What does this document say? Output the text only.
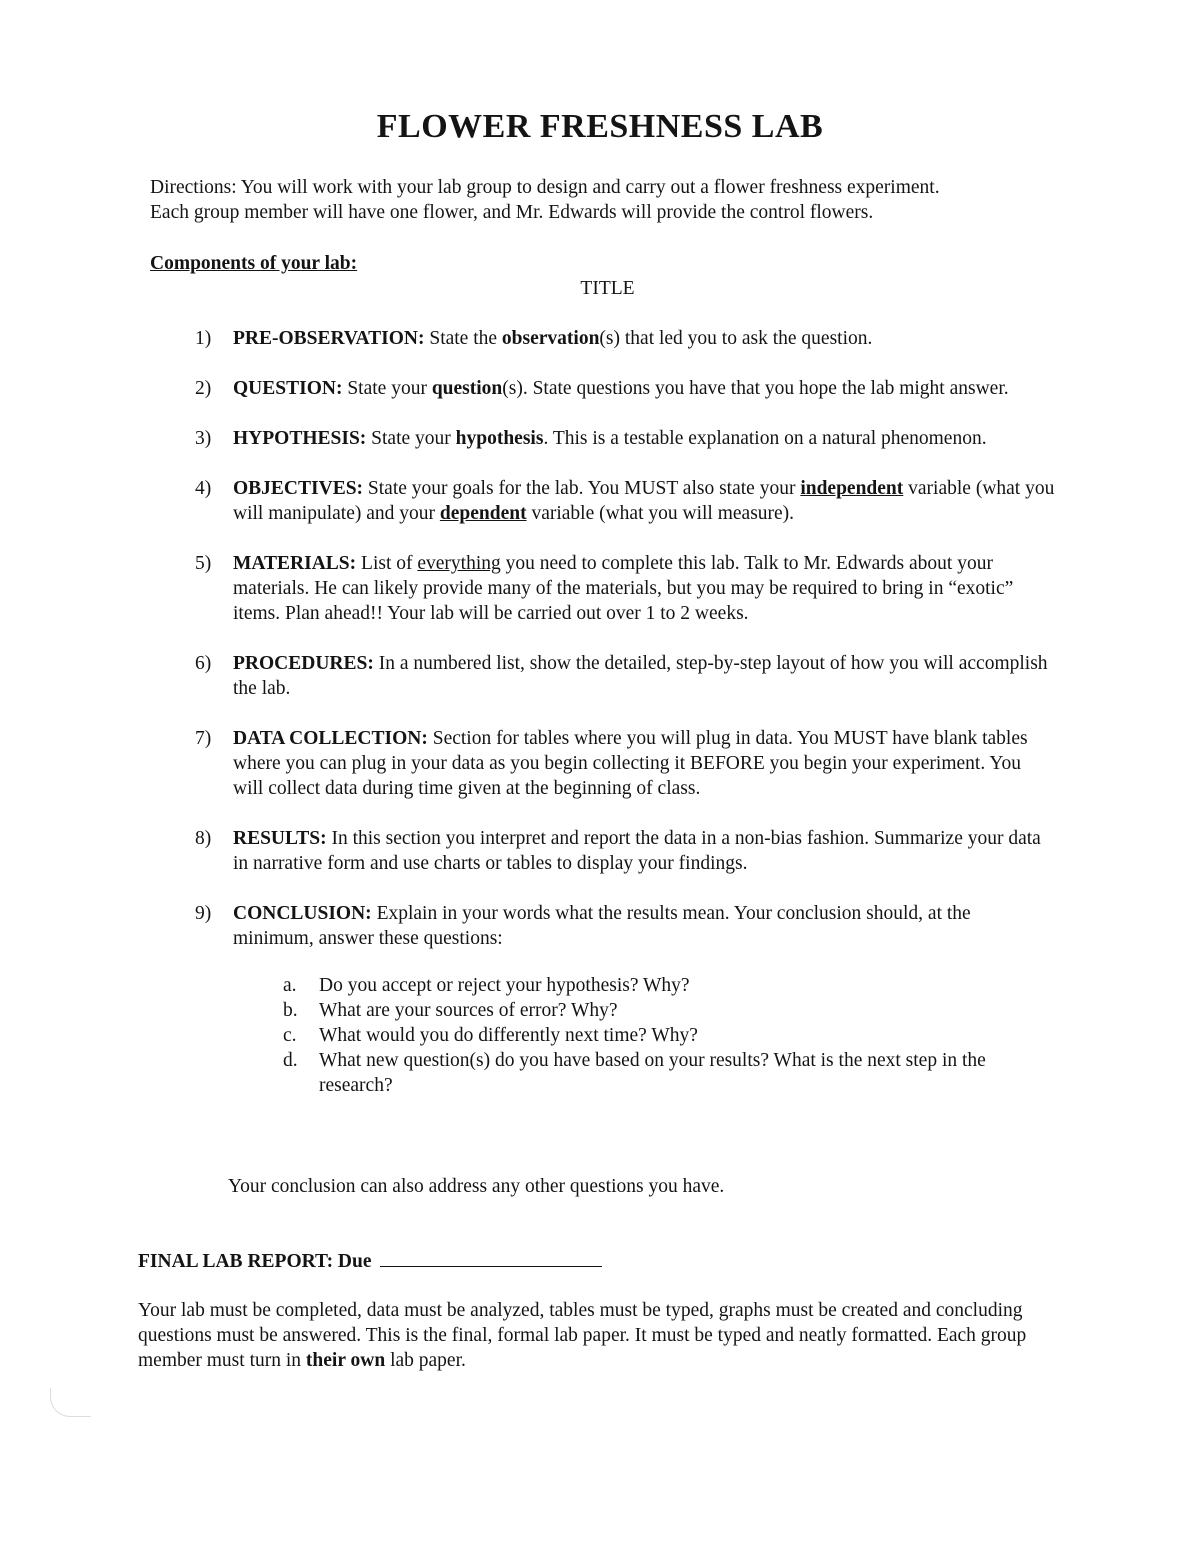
FLOWER FRESHNESS LAB
Directions: You will work with your lab group to design and carry out a flower freshness experiment.
Each group member will have one flower, and Mr. Edwards will provide the control flowers.
Components of your lab:
TITLE
1)	PRE-OBSERVATION: State the observation(s) that led you to ask the question.
2)	QUESTION: State your question(s). State questions you have that you hope the lab might answer.
3)	HYPOTHESIS: State your hypothesis. This is a testable explanation on a natural phenomenon.
4)	OBJECTIVES: State your goals for the lab. You MUST also state your independent variable (what you will manipulate) and your dependent variable (what you will measure).
5)	MATERIALS: List of everything you need to complete this lab. Talk to Mr. Edwards about your materials. He can likely provide many of the materials, but you may be required to bring in “exotic” items. Plan ahead!! Your lab will be carried out over 1 to 2 weeks.
6)	PROCEDURES: In a numbered list, show the detailed, step-by-step layout of how you will accomplish the lab.
7)	DATA COLLECTION: Section for tables where you will plug in data. You MUST have blank tables where you can plug in your data as you begin collecting it BEFORE you begin your experiment. You will collect data during time given at the beginning of class.
8)	RESULTS: In this section you interpret and report the data in a non-bias fashion. Summarize your data in narrative form and use charts or tables to display your findings.
9)	CONCLUSION: Explain in your words what the results mean. Your conclusion should, at the minimum, answer these questions:
a.	Do you accept or reject your hypothesis? Why?
b.	What are your sources of error? Why?
c.	What would you do differently next time? Why?
d.	What new question(s) do you have based on your results? What is the next step in the research?
Your conclusion can also address any other questions you have.
FINAL LAB REPORT: Due
Your lab must be completed, data must be analyzed, tables must be typed, graphs must be created and concluding questions must be answered. This is the final, formal lab paper. It must be typed and neatly formatted. Each group member must turn in their own lab paper.
